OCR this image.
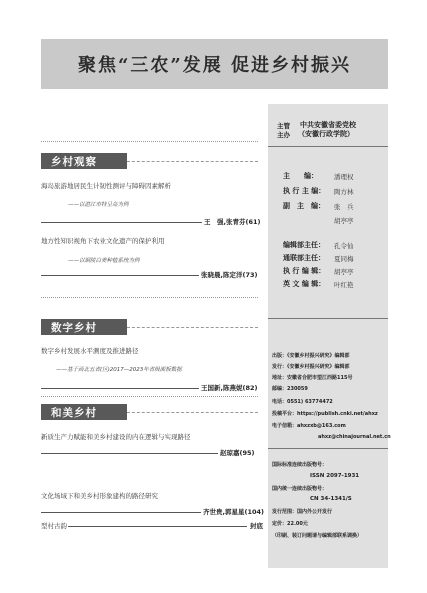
聚焦“三农”发展 促进乡村振兴
乡村观察
海岛旅游地居民生计韧性测评与障碍因素解析
——以湛江市特呈岛为例
王　强,张青芬(61)
地方性知识视角下农业文化遗产的保护利用
——以铜陵白姜种植系统为例
张晓晨,陈定洋(73)
数字乡村
数字乡村发展水平测度及推进路径
——基于西北五省(区)2017—2023年省级面板数据
王国新,陈燕妮(82)
和美乡村
新质生产力赋能和美乡村建设的内在逻辑与实现路径
赵琼嘉(95)
文化场域下和美乡村形象建构的路径研究
齐世贵,郭星星(104)
型村古韵	封底
主管
主办
中共安徽省委党校
（安徽行政学院）
主　　编： 潘理权
执 行 主 编： 陶方林
副　主　编： 张　兵
胡亭亭
编辑部主任： 孔令仙
通联部主任： 夏同梅
执 行 编 辑： 胡亭亭
英 文 编 辑： 叶红艳
出版：《安徽乡村振兴研究》编辑部
发行：《安徽乡村振兴研究》编辑部
地址：安徽省合肥市望江西路115号
邮编：230059
电话：0551) 63774472
投稿平台：https://publish.cnki.net/ahxz
电子信箱：ahxzxb@163.com
ahxz@chinajournal.net.cn
国际标准连续出版物号：
ISSN 2097-1931
国内统一连续出版物号：
CN 34-1341/S
发行范围：国内外公开发行
定价：22.00元
（印刷、装订问题请与编辑部联系调换）
